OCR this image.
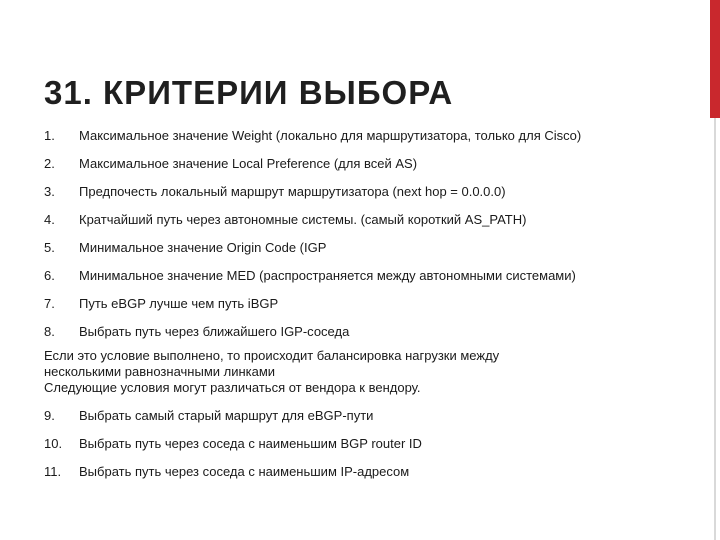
31. КРИТЕРИИ ВЫБОРА
1.	Максимальное значение Weight (локально для маршрутизатора, только для Cisco)
2.	Максимальное значение Local Preference (для всей AS)
3.	Предпочесть локальный маршрут маршрутизатора (next hop = 0.0.0.0)
4.	Кратчайший путь через автономные системы. (самый короткий AS_PATH)
5.	Минимальное значение Origin Code (IGP
6.	Минимальное значение MED (распространяется между автономными системами)
7.	Путь eBGP лучше чем путь iBGP
8.	Выбрать путь через ближайшего IGP-соседа
Если это условие выполнено, то происходит балансировка нагрузки между
несколькими равнозначными линками
Следующие условия могут различаться от вендора к вендору.
9.	Выбрать самый старый маршрут для eBGP-пути
10.	Выбрать путь через соседа с наименьшим BGP router ID
11.	Выбрать путь через соседа с наименьшим IP-адресом
